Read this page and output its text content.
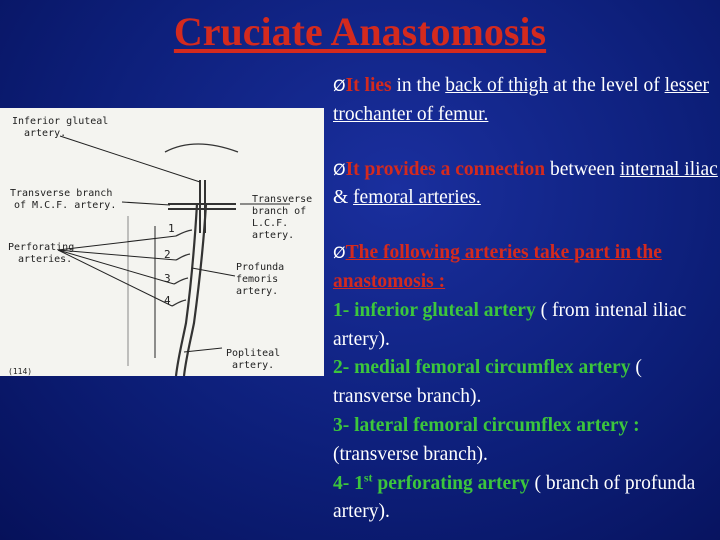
Cruciate Anastomosis
Inferior gluteal
artery.
Transverse branch
of M.C.F. artery.
Perforating
arteries.
Transverse
branch of
L.C.F.
artery.
Profunda
femoris
artery.
Popliteal
artery.
(114)
1
2
3
4
ØIt lies in the back of thigh at the level of lesser trochanter of femur.
ØIt provides a connection between internal iliac & femoral arteries.
ØThe following arteries take part in the anastomosis :
1- inferior gluteal artery ( from intenal iliac artery).
2- medial femoral circumflex artery ( transverse branch).
3- lateral femoral circumflex artery : (transverse branch).
4- 1st perforating artery ( branch of profunda artery).
